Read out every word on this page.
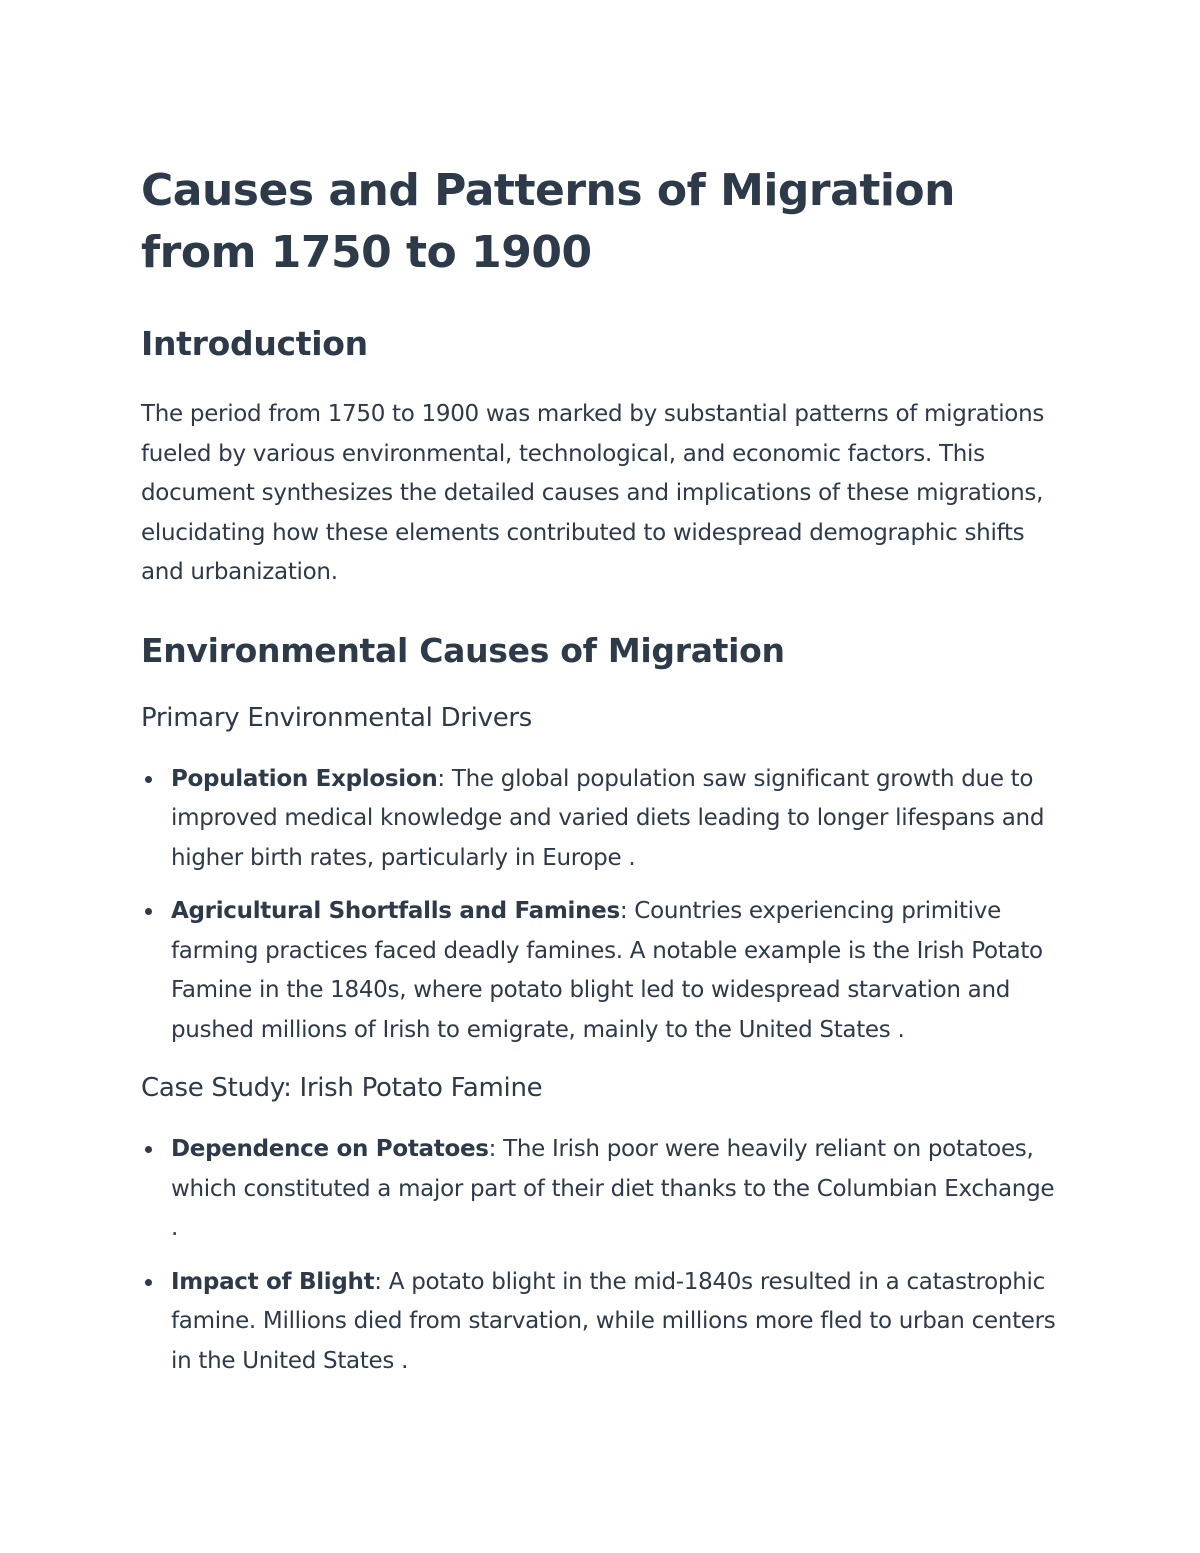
Causes and Patterns of Migration from 1750 to 1900
Introduction

The period from 1750 to 1900 was marked by substantial patterns of migrations fueled by various environmental, technological, and economic factors. This document synthesizes the detailed causes and implications of these migrations, elucidating how these elements contributed to widespread demographic shifts and urbanization.

Environmental Causes of Migration
Primary Environmental Drivers
Population Explosion: The global population saw significant growth due to improved medical knowledge and varied diets leading to longer lifespans and higher birth rates, particularly in Europe .
Agricultural Shortfalls and Famines: Countries experiencing primitive farming practices faced deadly famines. A notable example is the Irish Potato Famine in the 1840s, where potato blight led to widespread starvation and pushed millions of Irish to emigrate, mainly to the United States .
Case Study: Irish Potato Famine
Dependence on Potatoes: The Irish poor were heavily reliant on potatoes, which constituted a major part of their diet thanks to the Columbian Exchange .
Impact of Blight: A potato blight in the mid-1840s resulted in a catastrophic famine. Millions died from starvation, while millions more fled to urban centers in the United States .
